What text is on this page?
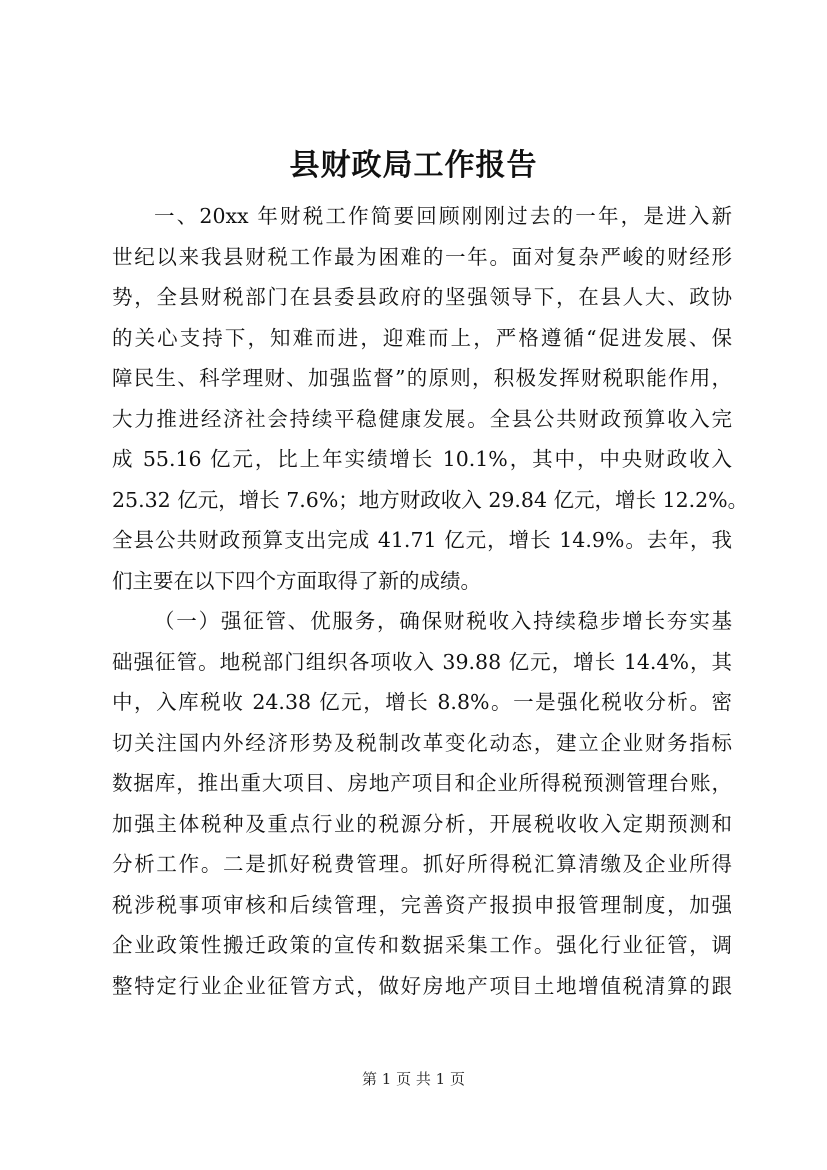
县财政局工作报告
一、20xx 年财税工作简要回顾刚刚过去的一年，是进入新
世纪以来我县财税工作最为困难的一年。面对复杂严峻的财经形
势，全县财税部门在县委县政府的坚强领导下，在县人大、政协
的关心支持下，知难而进，迎难而上，严格遵循“促进发展、保
障民生、科学理财、加强监督”的原则，积极发挥财税职能作用，
大力推进经济社会持续平稳健康发展。全县公共财政预算收入完
成 55.16 亿元，比上年实绩增长 10.1%，其中，中央财政收入
25.32 亿元，增长 7.6%；地方财政收入 29.84 亿元，增长 12.2%。
全县公共财政预算支出完成 41.71 亿元，增长 14.9%。去年，我
们主要在以下四个方面取得了新的成绩。
（一）强征管、优服务，确保财税收入持续稳步增长夯实基
础强征管。地税部门组织各项收入 39.88 亿元，增长 14.4%，其
中，入库税收 24.38 亿元，增长 8.8%。一是强化税收分析。密
切关注国内外经济形势及税制改革变化动态，建立企业财务指标
数据库，推出重大项目、房地产项目和企业所得税预测管理台账，
加强主体税种及重点行业的税源分析，开展税收收入定期预测和
分析工作。二是抓好税费管理。抓好所得税汇算清缴及企业所得
税涉税事项审核和后续管理，完善资产报损申报管理制度，加强
企业政策性搬迁政策的宣传和数据采集工作。强化行业征管，调
整特定行业企业征管方式，做好房地产项目土地增值税清算的跟
第 1 页 共 1 页
